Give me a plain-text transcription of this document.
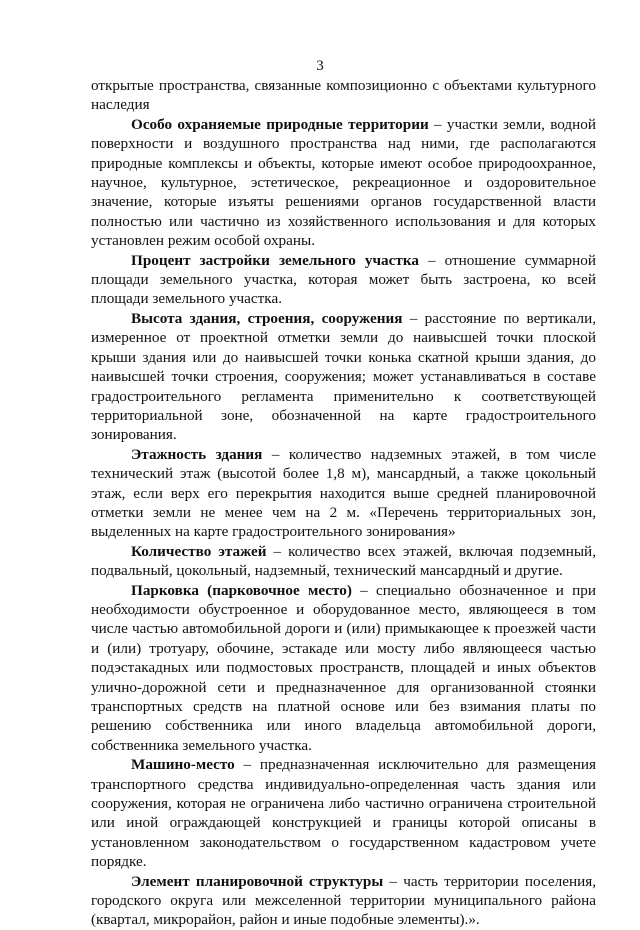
3

открытые пространства, связанные композиционно с объектами культурного наследия

Особо охраняемые природные территории – участки земли, водной поверхности и воздушного пространства над ними, где располагаются природные комплексы и объекты, которые имеют особое природоохранное, научное, культурное, эстетическое, рекреационное и оздоровительное значение, которые изъяты решениями органов государственной власти полностью или частично из хозяйственного использования и для которых установлен режим особой охраны.

Процент застройки земельного участка – отношение суммарной площади земельного участка, которая может быть застроена, ко всей площади земельного участка.

Высота здания, строения, сооружения – расстояние по вертикали, измеренное от проектной отметки земли до наивысшей точки плоской крыши здания или до наивысшей точки конька скатной крыши здания, до наивысшей точки строения, сооружения; может устанавливаться в составе градостроительного регламента применительно к соответствующей территориальной зоне, обозначенной на карте градостроительного зонирования.

Этажность здания – количество надземных этажей, в том числе технический этаж (высотой более 1,8 м), мансардный, а также цокольный этаж, если верх его перекрытия находится выше средней планировочной отметки земли не менее чем на 2 м. «Перечень территориальных зон, выделенных на карте градостроительного зонирования»

Количество этажей – количество всех этажей, включая подземный, подвальный, цокольный, надземный, технический мансардный и другие.

Парковка (парковочное место) – специально обозначенное и при необходимости обустроенное и оборудованное место, являющееся в том числе частью автомобильной дороги и (или) примыкающее к проезжей части и (или) тротуару, обочине, эстакаде или мосту либо являющееся частью подэстакадных или подмостовых пространств, площадей и иных объектов улично-дорожной сети и предназначенное для организованной стоянки транспортных средств на платной основе или без взимания платы по решению собственника или иного владельца автомобильной дороги, собственника земельного участка.

Машино-место – предназначенная исключительно для размещения транспортного средства индивидуально-определенная часть здания или сооружения, которая не ограничена либо частично ограничена строительной или иной ограждающей конструкцией и границы которой описаны в установленном законодательством о государственном кадастровом учете порядке.

Элемент планировочной структуры – часть территории поселения, городского округа или межселенной территории муниципального района (квартал, микрорайон, район и иные подобные элементы).».
